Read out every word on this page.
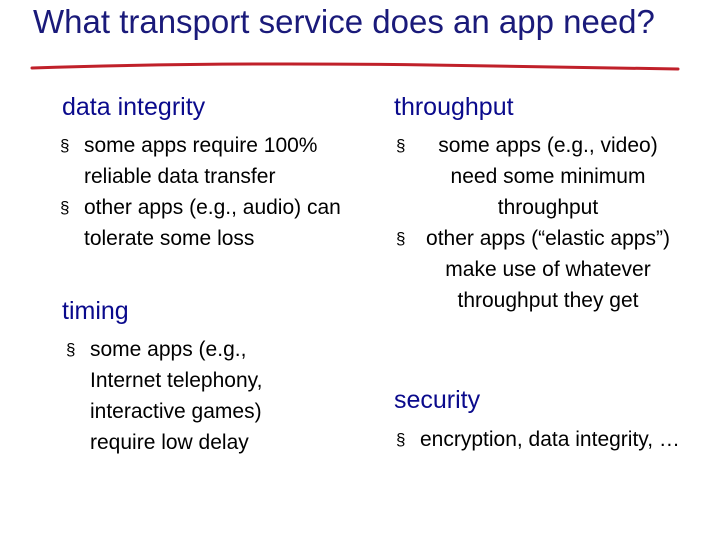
What transport service does an app need?
data integrity
§ some apps require 100% reliable data transfer
§ other apps (e.g., audio) can tolerate some loss
timing
§ some apps (e.g., Internet telephony, interactive games) require low delay
throughput
§ some apps (e.g., video) need some minimum throughput
§ other apps (“elastic apps”) make use of whatever throughput they get
security
§ encryption, data integrity, …
